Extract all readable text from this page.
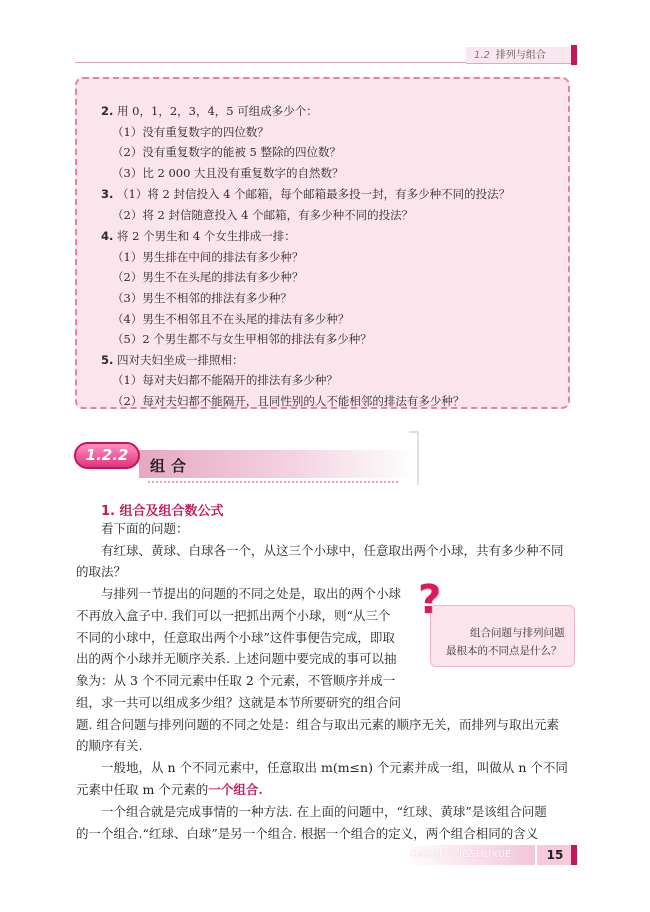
1.2 排列与组合
2. 用 0，1，2，3，4，5 可组成多少个：
（1）没有重复数字的四位数？
（2）没有重复数字的能被 5 整除的四位数？
（3）比 2 000 大且没有重复数字的自然数？
3. （1）将 2 封信投入 4 个邮箱，每个邮箱最多投一封，有多少种不同的投法？
（2）将 2 封信随意投入 4 个邮箱，有多少种不同的投法？
4. 将 2 个男生和 4 个女生排成一排：
（1）男生排在中间的排法有多少种？
（2）男生不在头尾的排法有多少种？
（3）男生不相邻的排法有多少种？
（4）男生不相邻且不在头尾的排法有多少种？
（5）2 个男生都不与女生甲相邻的排法有多少种？
5. 四对夫妇坐成一排照相：
（1）每对夫妇都不能隔开的排法有多少种？
（2）每对夫妇都不能隔开，且同性别的人不能相邻的排法有多少种？
1.2.2
组合
1. 组合及组合数公式
看下面的问题：
有红球、黄球、白球各一个，从这三个小球中，任意取出两个小球，共有多少种不同
的取法？
与排列一节提出的问题的不同之处是，取出的两个小球
不再放入盒子中. 我们可以一把抓出两个小球，则“从三个
不同的小球中，任意取出两个小球”这件事便告完成，即取
出的两个小球并无顺序关系. 上述问题中要完成的事可以抽
象为：从 3 个不同元素中任取 2 个元素，不管顺序并成一
组，求一共可以组成多少组？这就是本节所要研究的组合问
题. 组合问题与排列问题的不同之处是：组合与取出元素的顺序无关，而排列与取出元素
的顺序有关.
一般地，从 n 个不同元素中，任意取出 m(m≤n) 个元素并成一组，叫做从 n 个不同
元素中任取 m 个元素的一个组合.
一个组合就是完成事情的一种方法. 在上面的问题中，“红球、黄球”是该组合问题
的一个组合.“红球、白球”是另一个组合. 根据一个组合的定义，两个组合相同的含义
?
组合问题与排列问题
最根本的不同点是什么？
GAOZHONGSHUXUE	15
